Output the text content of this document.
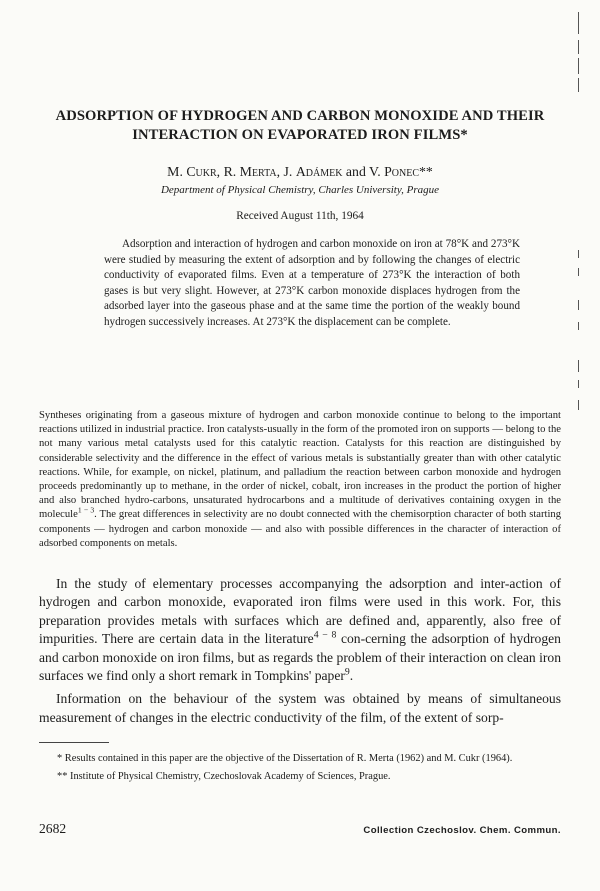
ADSORPTION OF HYDROGEN AND CARBON MONOXIDE AND THEIR
INTERACTION ON EVAPORATED IRON FILMS*
M. Cukr, R. Merta, J. Adámek and V. Ponec**
Department of Physical Chemistry, Charles University, Prague
Received August 11th, 1964

Adsorption and interaction of hydrogen and carbon monoxide on iron at 78°K and 273°K were studied by measuring the extent of adsorption and by following the changes of electric conductivity of evaporated films. Even at a temperature of 273°K the interaction of both gases is but very slight. However, at 273°K carbon monoxide displaces hydrogen from the adsorbed layer into the gaseous phase and at the same time the portion of the weakly bound hydrogen successively increases. At 273°K the displacement can be complete.

Syntheses originating from a gaseous mixture of hydrogen and carbon monoxide continue to belong to the important reactions utilized in industrial practice. Iron catalysts-usually in the form of the promoted iron on supports — belong to the not many various metal catalysts used for this catalytic reaction. Catalysts for this reaction are distinguished by considerable selectivity and the difference in the effect of various metals is substantially greater than with other catalytic reactions. While, for example, on nickel, platinum, and palladium the reaction between carbon monoxide and hydrogen proceeds predominantly up to methane, in the order of nickel, cobalt, iron increases in the product the portion of higher and also branched hydro-carbons, unsaturated hydrocarbons and a multitude of derivatives containing oxygen in the molecule$^{1 - 3}$. The great differences in selectivity are no doubt connected with the chemisorption character of both starting components — hydrogen and carbon monoxide — and also with possible differences in the character of interaction of adsorbed components on metals.

In the study of elementary processes accompanying the adsorption and inter-action of hydrogen and carbon monoxide, evaporated iron films were used in this work. For, this preparation provides metals with surfaces which are defined and, apparently, also free of impurities. There are certain data in the literature$^{4 - 8}$ con-cerning the adsorption of hydrogen and carbon monoxide on iron films, but as regards the problem of their interaction on clean iron surfaces we find only a short remark in Tompkins' paper$^9$.

Information on the behaviour of the system was obtained by means of simultaneous measurement of changes in the electric conductivity of the film, of the extent of sorp-

* Results contained in this paper are the objective of the Dissertation of R. Merta (1962) and M. Cukr (1964).
** Institute of Physical Chemistry, Czechoslovak Academy of Sciences, Prague.
2682	Collection Czechoslov. Chem. Commun.
